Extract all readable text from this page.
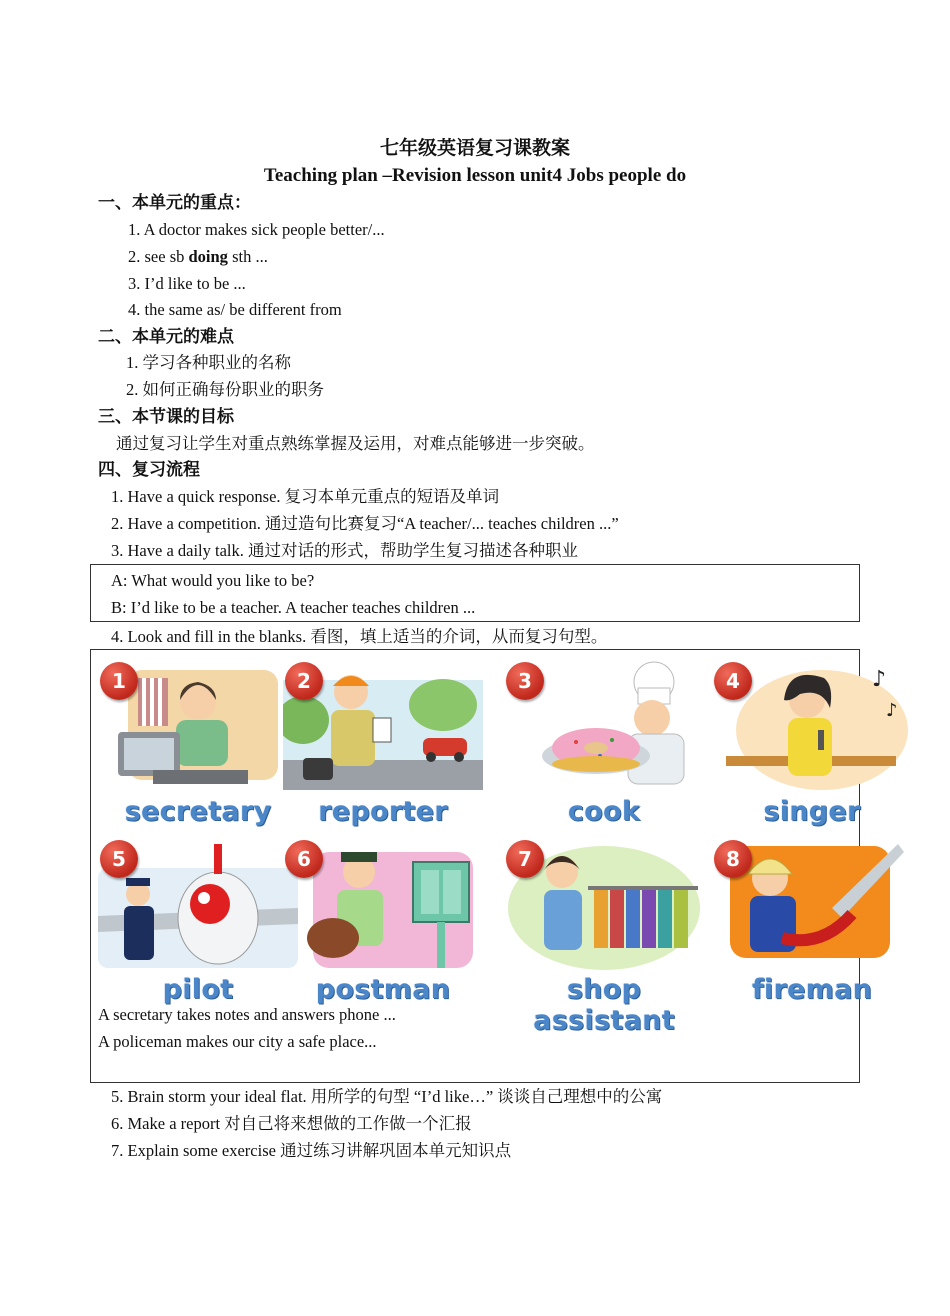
七年级英语复习课教案
Teaching plan –Revision lesson unit4 Jobs people do
一、本单元的重点：
1. A doctor makes sick people better/...
2. see sb doing sth ...
3. I’d like to be ...
4. the same as/ be different from
二、本单元的难点
1. 学习各种职业的名称
2. 如何正确每份职业的职务
三、本节课的目标
通过复习让学生对重点熟练掌握及运用，对难点能够进一步突破。
四、复习流程
1. Have a quick response. 复习本单元重点的短语及单词
2. Have a competition. 通过造句比赛复习“A teacher/... teaches children ...”
3. Have a daily talk. 通过对话的形式，帮助学生复习描述各种职业
A: What would you like to be?
B: I’d like to be a teacher. A teacher teaches children ...
4. Look and fill in the blanks. 看图，填上适当的介词，从而复习句型。
1
secretary
2
reporter
3
cook
♪
♪
4
singer
5
pilot
6
postman
7
shop assistant
8
fireman
A secretary takes notes and answers phone ...
A policeman makes our city a safe place...
5. Brain storm your ideal flat. 用所学的句型 “I’d like…” 谈谈自己理想中的公寓
6. Make a report 对自己将来想做的工作做一个汇报
7. Explain some exercise 通过练习讲解巩固本单元知识点
